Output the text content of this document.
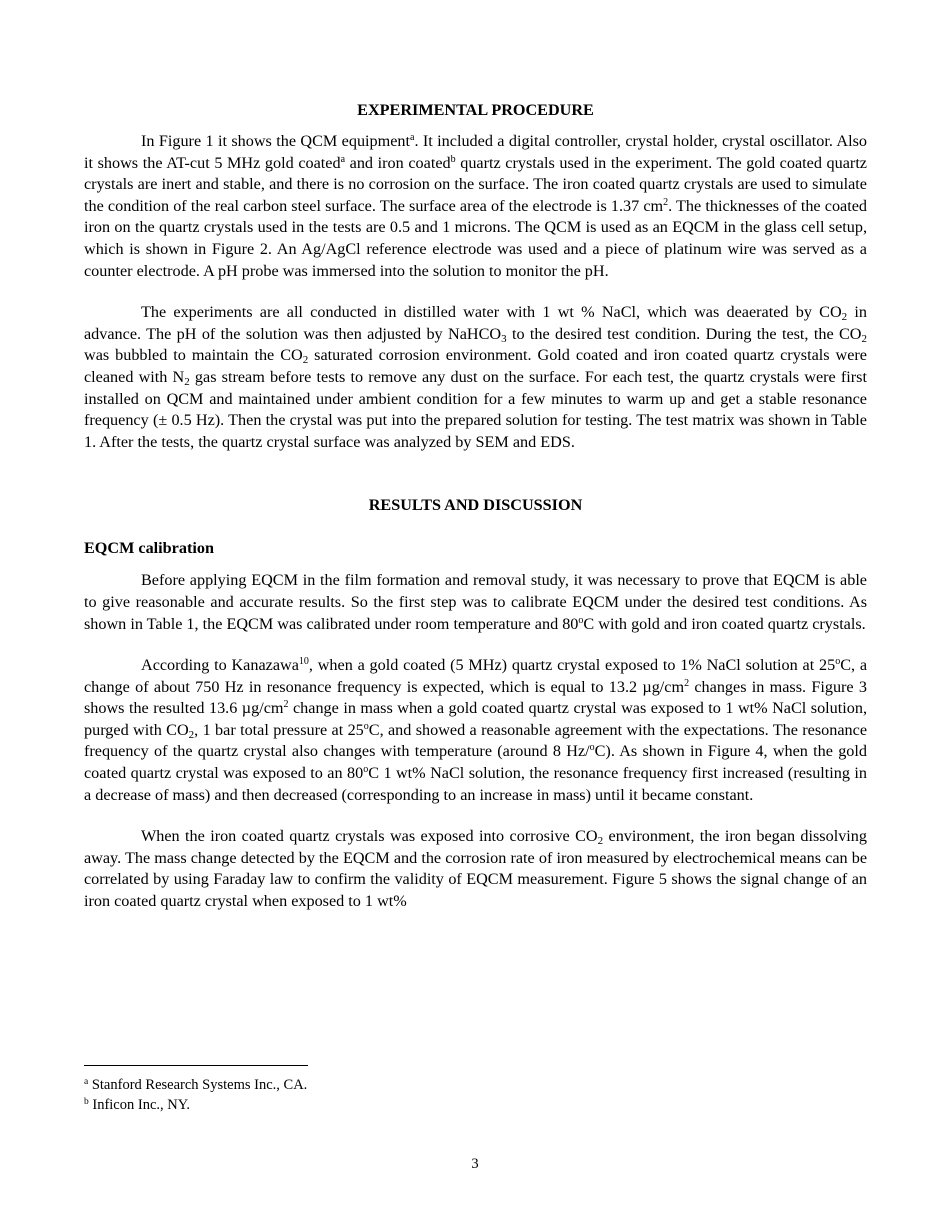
EXPERIMENTAL PROCEDURE

In Figure 1 it shows the QCM equipment$^a$. It included a digital controller, crystal holder, crystal oscillator. Also it shows the AT-cut 5 MHz gold coated$^a$ and iron coated$^b$ quartz crystals used in the experiment. The gold coated quartz crystals are inert and stable, and there is no corrosion on the surface. The iron coated quartz crystals are used to simulate the condition of the real carbon steel surface. The surface area of the electrode is 1.37 $cm^2$. The thicknesses of the coated iron on the quartz crystals used in the tests are 0.5 and 1 microns. The QCM is used as an EQCM in the glass cell setup, which is shown in Figure 2. An Ag/AgCl reference electrode was used and a piece of platinum wire was served as a counter electrode. A pH probe was immersed into the solution to monitor the pH.

The experiments are all conducted in distilled water with 1 wt % NaCl, which was deaerated by $CO_2$ in advance. The pH of the solution was then adjusted by NaHCO$_3$ to the desired test condition. During the test, the $CO_2$ was bubbled to maintain the $CO_2$ saturated corrosion environment. Gold coated and iron coated quartz crystals were cleaned with $N_2$ gas stream before tests to remove any dust on the surface. For each test, the quartz crystals were first installed on QCM and maintained under ambient condition for a few minutes to warm up and get a stable resonance frequency (± 0.5 Hz). Then the crystal was put into the prepared solution for testing. The test matrix was shown in Table 1. After the tests, the quartz crystal surface was analyzed by SEM and EDS.

RESULTS AND DISCUSSION

EQCM calibration

Before applying EQCM in the film formation and removal study, it was necessary to prove that EQCM is able to give reasonable and accurate results. So the first step was to calibrate EQCM under the desired test conditions. As shown in Table 1, the EQCM was calibrated under room temperature and 80$^o$C with gold and iron coated quartz crystals.

According to Kanazawa$^{10}$, when a gold coated (5 MHz) quartz crystal exposed to 1% NaCl solution at 25$^o$C, a change of about 750 Hz in resonance frequency is expected, which is equal to 13.2 $\mu g/cm^2$ changes in mass. Figure 3 shows the resulted 13.6 $\mu g/cm^2$ change in mass when a gold coated quartz crystal was exposed to 1 wt% NaCl solution, purged with $CO_2$, 1 bar total pressure at 25$^o$C, and showed a reasonable agreement with the expectations. The resonance frequency of the quartz crystal also changes with temperature (around 8 Hz/$^o$C). As shown in Figure 4, when the gold coated quartz crystal was exposed to an 80$^o$C 1 wt% NaCl solution, the resonance frequency first increased (resulting in a decrease of mass) and then decreased (corresponding to an increase in mass) until it became constant.

When the iron coated quartz crystals was exposed into corrosive $CO_2$ environment, the iron began dissolving away. The mass change detected by the EQCM and the corrosion rate of iron measured by electrochemical means can be correlated by using Faraday law to confirm the validity of EQCM measurement. Figure 5 shows the signal change of an iron coated quartz crystal when exposed to 1 wt%

$^a$ Stanford Research Systems Inc., CA.
$^b$ Inficon Inc., NY.
3
